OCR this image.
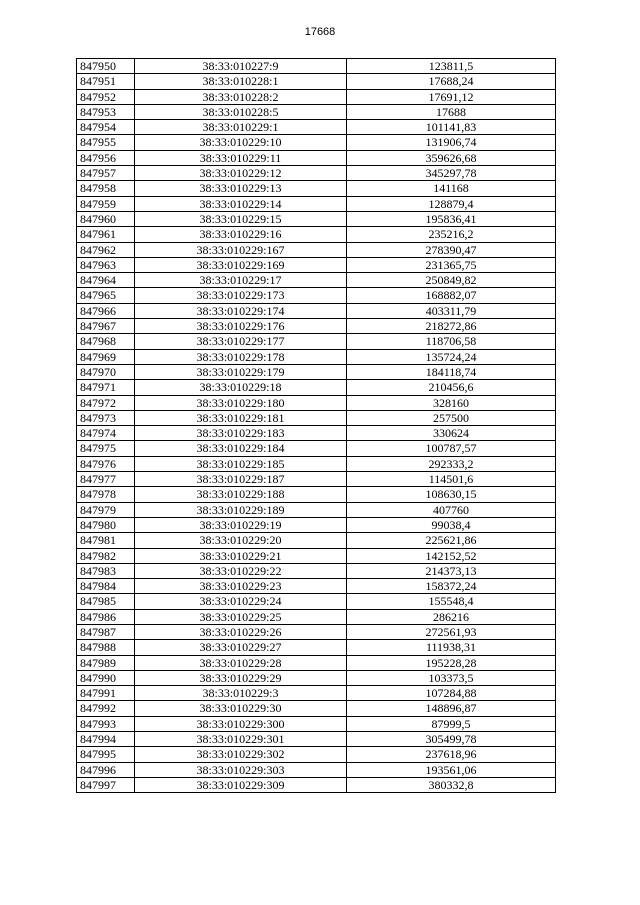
17668
847950	38:33:010227:9	123811,5
847951	38:33:010228:1	17688,24
847952	38:33:010228:2	17691,12
847953	38:33:010228:5	17688
847954	38:33:010229:1	101141,83
847955	38:33:010229:10	131906,74
847956	38:33:010229:11	359626,68
847957	38:33:010229:12	345297,78
847958	38:33:010229:13	141168
847959	38:33:010229:14	128879,4
847960	38:33:010229:15	195836,41
847961	38:33:010229:16	235216,2
847962	38:33:010229:167	278390,47
847963	38:33:010229:169	231365,75
847964	38:33:010229:17	250849,82
847965	38:33:010229:173	168882,07
847966	38:33:010229:174	403311,79
847967	38:33:010229:176	218272,86
847968	38:33:010229:177	118706,58
847969	38:33:010229:178	135724,24
847970	38:33:010229:179	184118,74
847971	38:33:010229:18	210456,6
847972	38:33:010229:180	328160
847973	38:33:010229:181	257500
847974	38:33:010229:183	330624
847975	38:33:010229:184	100787,57
847976	38:33:010229:185	292333,2
847977	38:33:010229:187	114501,6
847978	38:33:010229:188	108630,15
847979	38:33:010229:189	407760
847980	38:33:010229:19	99038,4
847981	38:33:010229:20	225621,86
847982	38:33:010229:21	142152,52
847983	38:33:010229:22	214373,13
847984	38:33:010229:23	158372,24
847985	38:33:010229:24	155548,4
847986	38:33:010229:25	286216
847987	38:33:010229:26	272561,93
847988	38:33:010229:27	111938,31
847989	38:33:010229:28	195228,28
847990	38:33:010229:29	103373,5
847991	38:33:010229:3	107284,88
847992	38:33:010229:30	148896,87
847993	38:33:010229:300	87999,5
847994	38:33:010229:301	305499,78
847995	38:33:010229:302	237618,96
847996	38:33:010229:303	193561,06
847997	38:33:010229:309	380332,8
